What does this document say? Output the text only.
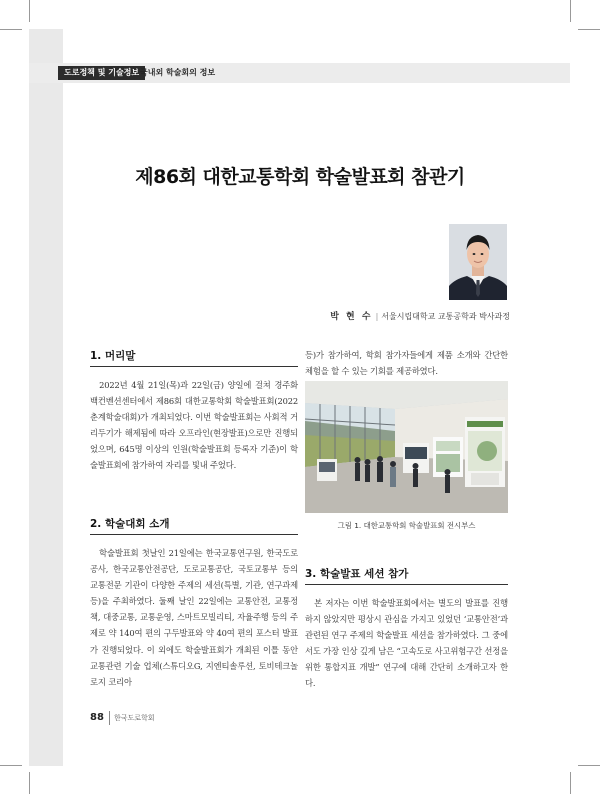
도로정책 및 기술정보 국내외 학술회의 정보
제86회 대한교통학회 학술발표회 참관기
박 현 수 | 서울시립대학교 교통공학과 박사과정
1. 머리말

2022년 4월 21일(목)과 22일(금) 양일에 걸쳐 경주화백컨벤션센터에서 제86회 대한교통학회 학술발표회(2022 춘계학술대회)가 개최되었다. 이번 학술발표회는 사회적 거리두기가 해제됨에 따라 오프라인(현장발표)으로만 진행되었으며, 645명 이상의 인원(학술발표회 등록자 기준)이 학술발표회에 참가하여 자리를 빛내 주었다.

2. 학술대회 소개

학술발표회 첫날인 21일에는 한국교통연구원, 한국도로공사, 한국교통안전공단, 도로교통공단, 국토교통부 등의 교통전문 기관이 다양한 주제의 세션(특별, 기관, 연구과제 등)을 주최하였다. 둘째 날인 22일에는 교통안전, 교통정책, 대중교통, 교통운영, 스마트모빌리티, 자율주행 등의 주제로 약 140여 편의 구두발표와 약 40여 편의 포스터 발표가 진행되었다. 이 외에도 학술발표회가 개최된 이틀 동안 교통관련 기술 업체(스튜디오G, 지엔티솔루션, 토비테크놀로지 코리아

등)가 참가하여, 학회 참가자들에게 제품 소개와 간단한 체험을 할 수 있는 기회를 제공하였다.

그림 1. 대한교통학회 학술발표회 전시부스
3. 학술발표 세션 참가

본 저자는 이번 학술발표회에서는 별도의 발표를 진행하지 않았지만 평상시 관심을 가지고 있었던 ‘교통안전’과 관련된 연구 주제의 학술발표 세션을 참가하였다. 그 중에서도 가장 인상 깊게 남은 “고속도로 사고위험구간 선정을 위한 통합지표 개발” 연구에 대해 간단히 소개하고자 한다.

88 한국도로학회
